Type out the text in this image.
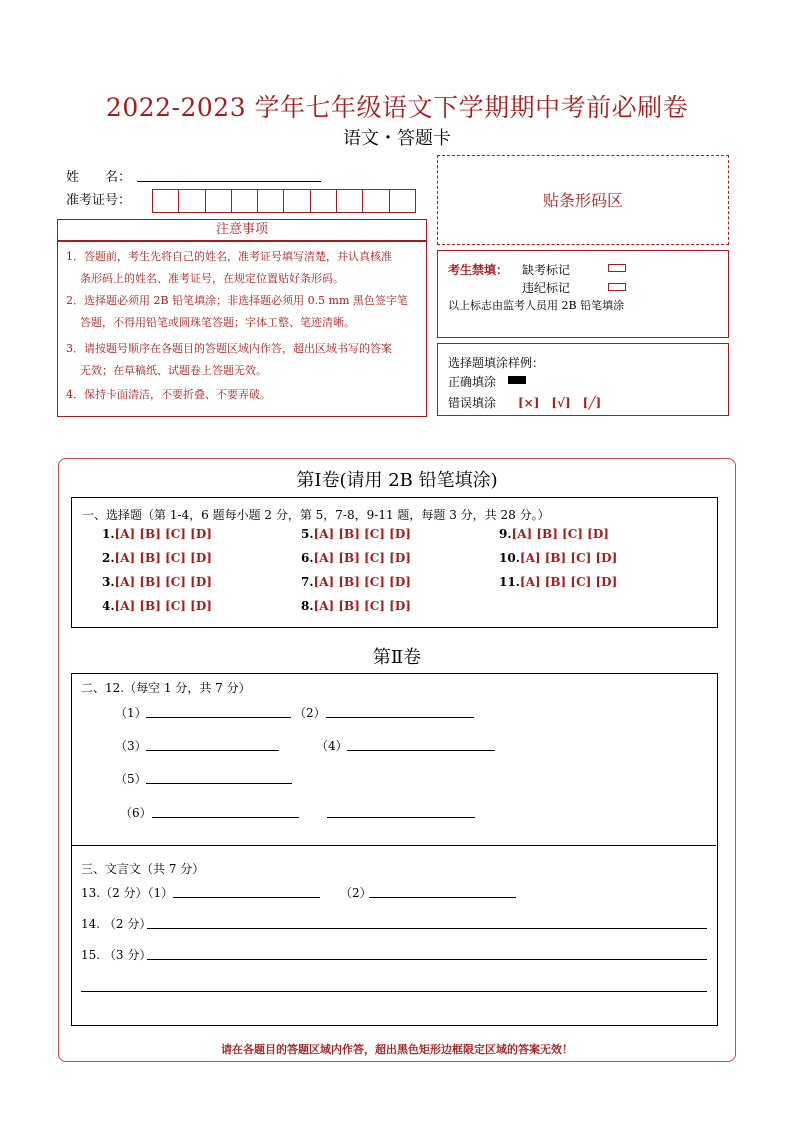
2022-2023 学年七年级语文下学期期中考前必刷卷
语文・答题卡
姓　　名：
准考证号：	贴条形码区
注意事项
1．答题前，考生先将自己的姓名，准考证号填写清楚，并认真核准
条形码上的姓名、准考证号，在规定位置贴好条形码。
2．选择题必须用 2B 铅笔填涂；非选择题必须用 0.5 mm 黑色签字笔
答题，不得用铅笔或圆珠笔答题；字体工整、笔迹清晰。
3．请按题号顺序在各题目的答题区域内作答，超出区域书写的答案
无效；在草稿纸、试题卷上答题无效。
4．保持卡面清洁，不要折叠、不要弄破。
考生禁填： 缺考标记
违纪标记
以上标志由监考人员用 2B 铅笔填涂
选择题填涂样例：
正确填涂
错误填涂 [×]　[√]　[╱]
第Ⅰ卷(请用 2B 铅笔填涂)
一、选择题（第 1-4，6 题每小题 2 分，第 5，7-8，9-11 题，每题 3 分，共 28 分。）
1.[A] [B] [C] [D]
2.[A] [B] [C] [D]
3.[A] [B] [C] [D]
4.[A] [B] [C] [D]
5.[A] [B] [C] [D]
6.[A] [B] [C] [D]
7.[A] [B] [C] [D]
8.[A] [B] [C] [D]
9.[A] [B] [C] [D]
10.[A] [B] [C] [D]
11.[A] [B] [C] [D]
第Ⅱ卷
二、12.（每空 1 分，共 7 分）
（1）	（2）
（3）	（4）
（5）
（6）
三、文言文（共 7 分）
13.（2 分）（1）	（2）
14. （2 分）
15. （3 分）
请在各题目的答题区域内作答，超出黑色矩形边框限定区域的答案无效！
